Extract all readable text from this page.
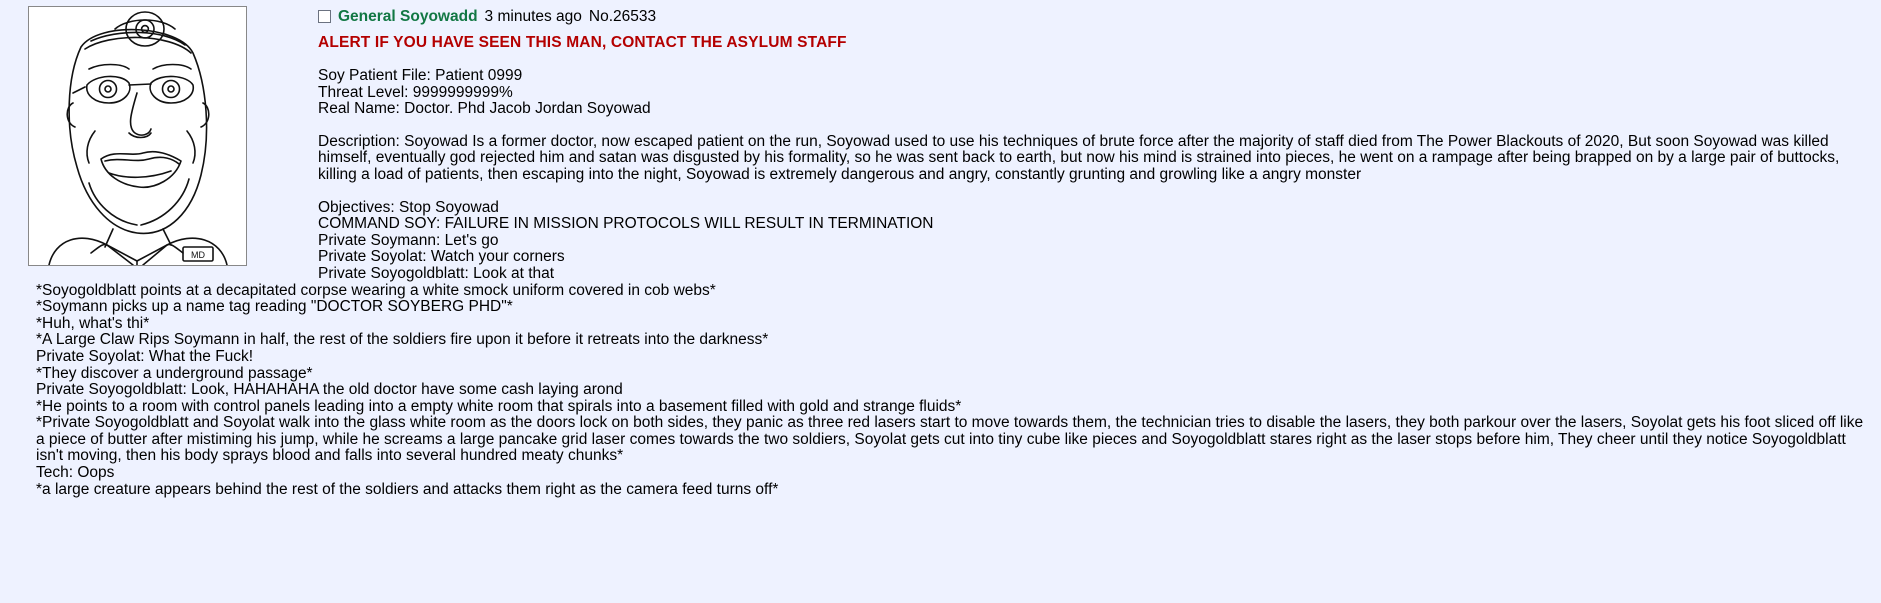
MD
General Soyowadd 3 minutes ago No.26533
ALERT IF YOU HAVE SEEN THIS MAN, CONTACT THE ASYLUM STAFF
Soy Patient File: Patient 0999
Threat Level: 9999999999%
Real Name: Doctor. Phd Jacob Jordan Soyowad
Description: Soyowad Is a former doctor, now escaped patient on the run, Soyowad used to use his techniques of brute force after the majority of staff died from The Power Blackouts of 2020, But soon Soyowad was killed himself, eventually god rejected him and satan was disgusted by his formality, so he was sent back to earth, but now his mind is strained into pieces, he went on a rampage after being brapped on by a large pair of buttocks, killing a load of patients, then escaping into the night, Soyowad is extremely dangerous and angry, constantly grunting and growling like a angry monster
Objectives: Stop Soyowad
COMMAND SOY: FAILURE IN MISSION PROTOCOLS WILL RESULT IN TERMINATION
Private Soymann: Let's go
Private Soyolat: Watch your corners
Private Soyogoldblatt: Look at that
*Soyogoldblatt points at a decapitated corpse wearing a white smock uniform covered in cob webs*
*Soymann picks up a name tag reading "DOCTOR SOYBERG PHD"*
*Huh, what's thi*
*A Large Claw Rips Soymann in half, the rest of the soldiers fire upon it before it retreats into the darkness*
Private Soyolat: What the Fuck!
*They discover a underground passage*
Private Soyogoldblatt: Look, HAHAHAHA the old doctor have some cash laying arond
*He points to a room with control panels leading into a empty white room that spirals into a basement filled with gold and strange fluids*
*Private Soyogoldblatt and Soyolat walk into the glass white room as the doors lock on both sides, they panic as three red lasers start to move towards them, the technician tries to disable the lasers, they both parkour over the lasers, Soyolat gets his foot sliced off like a piece of butter after mistiming his jump, while he screams a large pancake grid laser comes towards the two soldiers, Soyolat gets cut into tiny cube like pieces and Soyogoldblatt stares right as the laser stops before him, They cheer until they notice Soyogoldblatt isn't moving, then his body sprays blood and falls into several hundred meaty chunks*
Tech: Oops
*a large creature appears behind the rest of the soldiers and attacks them right as the camera feed turns off*
